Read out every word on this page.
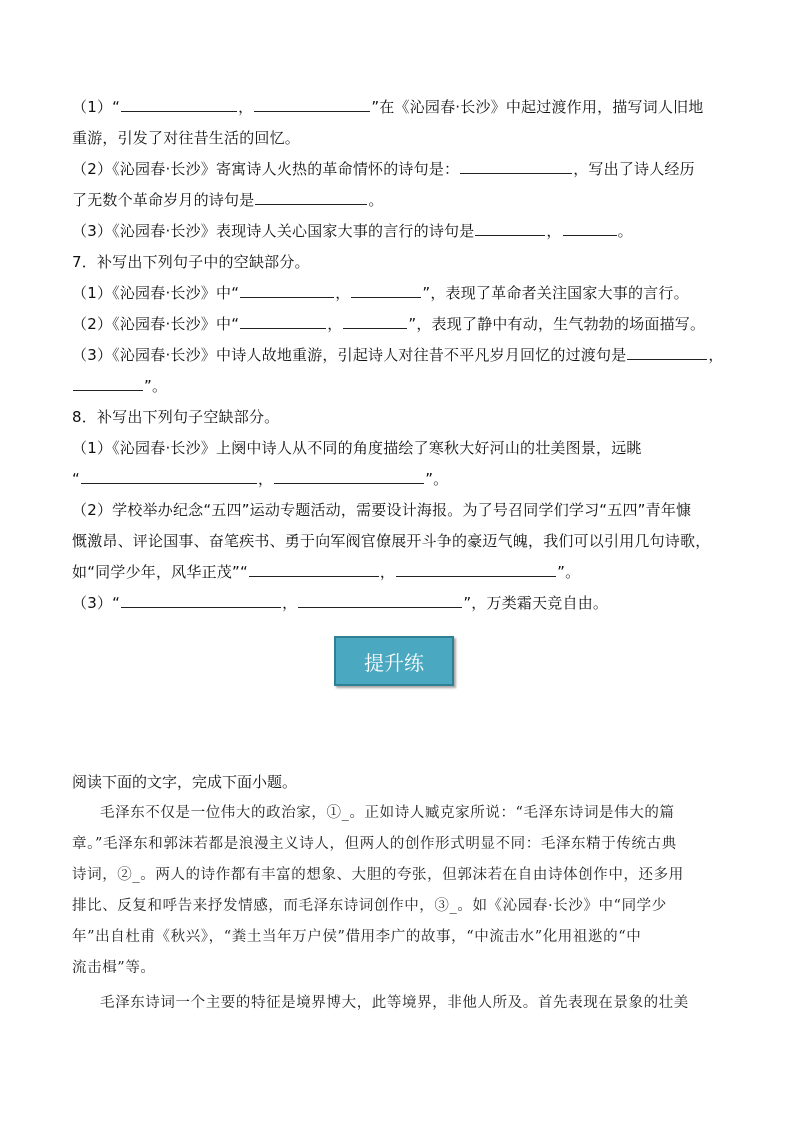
（1）“	，	”在《沁园春·长沙》中起过渡作用，描写词人旧地
重游，引发了对往昔生活的回忆。
（2）《沁园春·长沙》寄寓诗人火热的革命情怀的诗句是：	，写出了诗人经历
了无数个革命岁月的诗句是	。
（3）《沁园春·长沙》表现诗人关心国家大事的言行的诗句是	，	。
7．补写出下列句子中的空缺部分。
（1）《沁园春·长沙》中“	，	”，表现了革命者关注国家大事的言行。
（2）《沁园春·长沙》中“	，	”，表现了静中有动，生气勃勃的场面描写。
（3）《沁园春·长沙》中诗人故地重游，引起诗人对往昔不平凡岁月回忆的过渡句是	，
”。
8．补写出下列句子空缺部分。
（1）《沁园春·长沙》上阕中诗人从不同的角度描绘了寒秋大好河山的壮美图景，远眺
“	，	”。
（2）学校举办纪念“五四”运动专题活动，需要设计海报。为了号召同学们学习“五四”青年慷
慨激昂、评论国事、奋笔疾书、勇于向军阀官僚展开斗争的豪迈气魄，我们可以引用几句诗歌，
如“同学少年，风华正茂”“	，	”。
（3）“	，	”，万类霜天竞自由。
提升练
阅读下面的文字，完成下面小题。
毛泽东不仅是一位伟大的政治家，①_。正如诗人臧克家所说：“毛泽东诗词是伟大的篇
章。”毛泽东和郭沫若都是浪漫主义诗人，但两人的创作形式明显不同：毛泽东精于传统古典
诗词，②_。两人的诗作都有丰富的想象、大胆的夸张，但郭沫若在自由诗体创作中，还多用
排比、反复和呼告来抒发情感，而毛泽东诗词创作中，③_。如《沁园春·长沙》中“同学少
年”出自杜甫《秋兴》，“粪土当年万户侯”借用李广的故事，“中流击水”化用祖逖的“中
流击楫”等。
毛泽东诗词一个主要的特征是境界博大，此等境界，非他人所及。首先表现在景象的壮美
